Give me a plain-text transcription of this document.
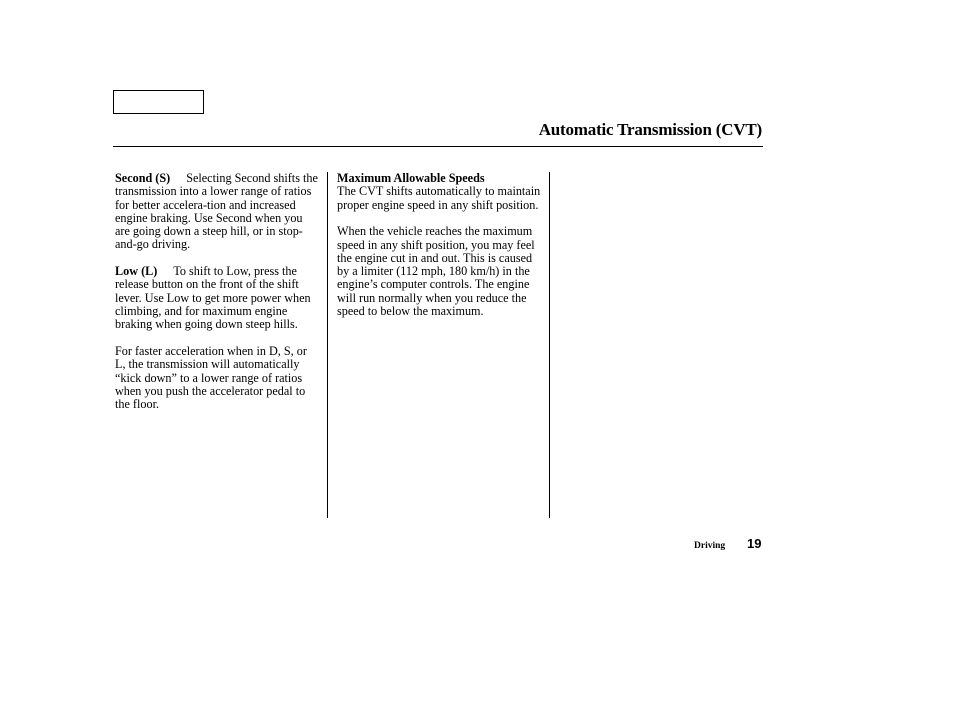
Automatic Transmission (CVT)

Second (S) Selecting Second shifts the transmission into a lower range of ratios for better accelera-tion and increased engine braking. Use Second when you are going down a steep hill, or in stop-and-go driving.

Low (L) To shift to Low, press the release button on the front of the shift lever. Use Low to get more power when climbing, and for maximum engine braking when going down steep hills.

For faster acceleration when in D, S, or L, the transmission will automatically “kick down” to a lower range of ratios when you push the accelerator pedal to the floor.

Maximum Allowable Speeds
The CVT shifts automatically to maintain proper engine speed in any shift position.

When the vehicle reaches the maximum speed in any shift position, you may feel the engine cut in and out. This is caused by a limiter (112 mph, 180 km/h) in the engine’s computer controls. The engine will run normally when you reduce the speed to below the maximum.

Driving 19
